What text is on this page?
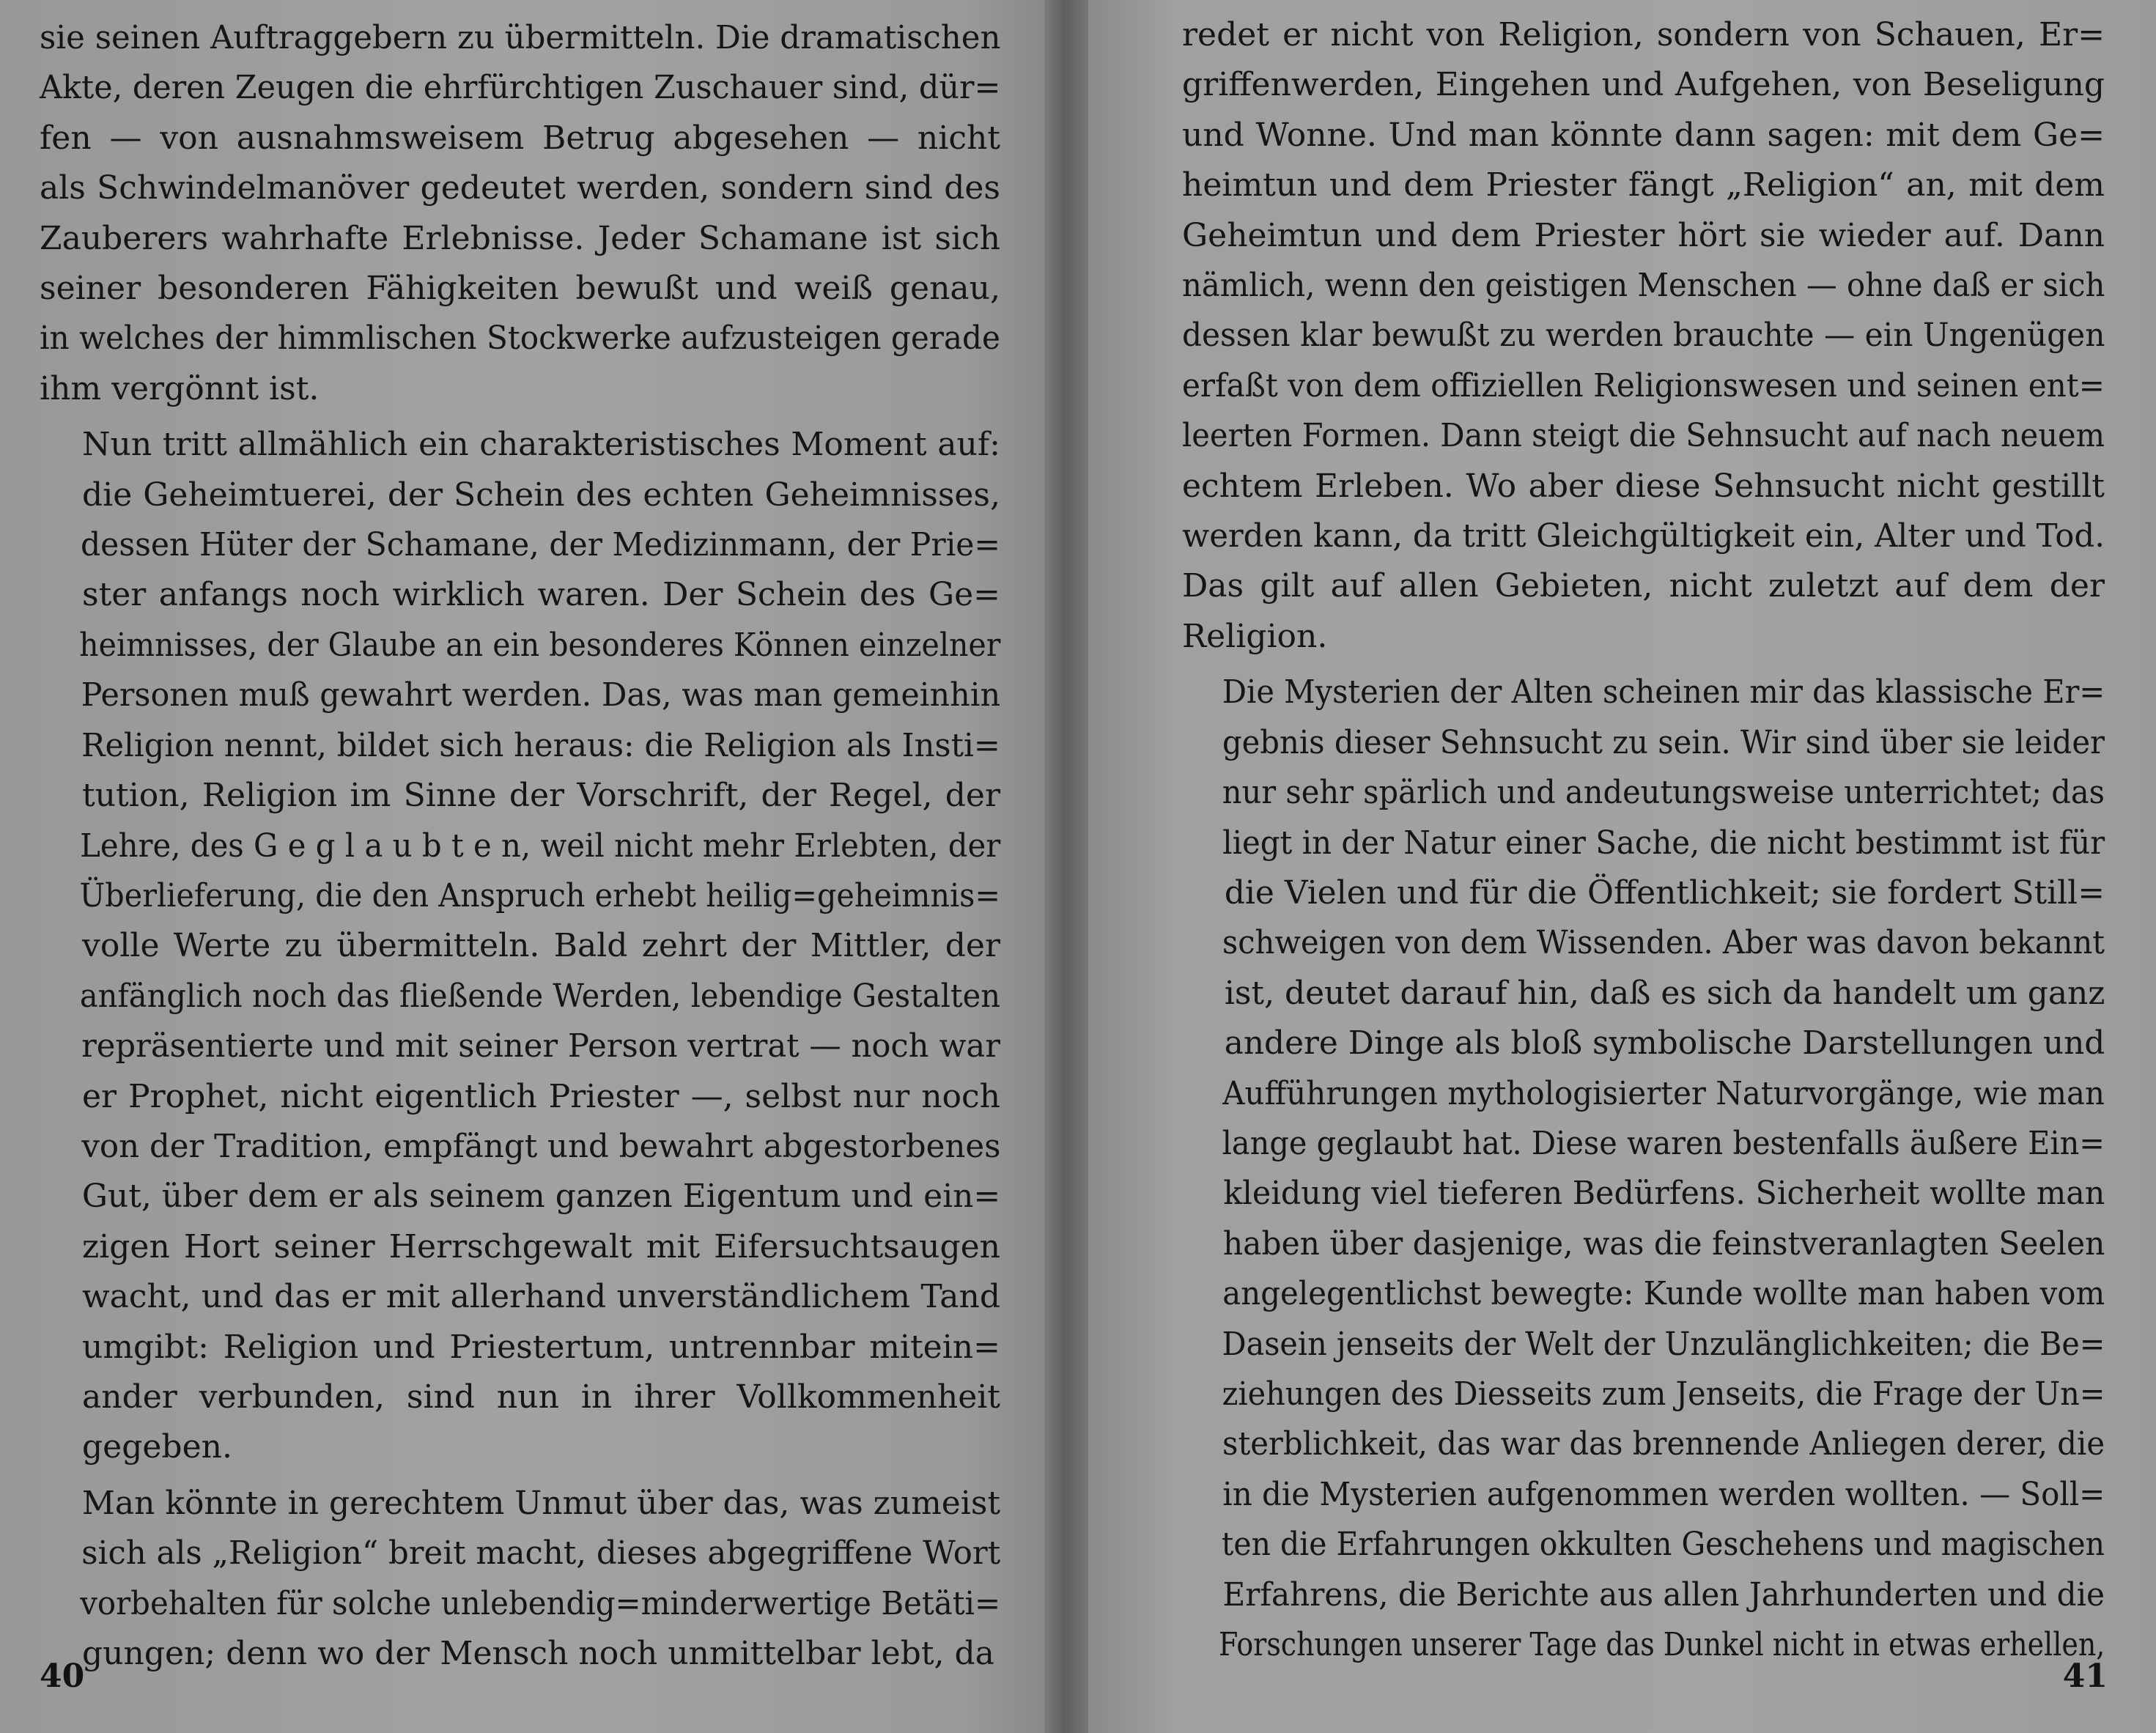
sie seinen Auftraggebern zu übermitteln. Die dramatischen
Akte, deren Zeugen die ehrfürchtigen Zuschauer sind, dür=
fen — von ausnahmsweisem Betrug abgesehen — nicht
als Schwindelmanöver gedeutet werden, sondern sind des
Zauberers wahrhafte Erlebnisse. Jeder Schamane ist sich
seiner besonderen Fähigkeiten bewußt und weiß genau,
in welches der himmlischen Stockwerke aufzusteigen gerade
ihm vergönnt ist.
Nun tritt allmählich ein charakteristisches Moment auf:
die Geheimtuerei, der Schein des echten Geheimnisses,
dessen Hüter der Schamane, der Medizinmann, der Prie=
ster anfangs noch wirklich waren. Der Schein des Ge=
heimnisses, der Glaube an ein besonderes Können einzelner
Personen muß gewahrt werden. Das, was man gemeinhin
Religion nennt, bildet sich heraus: die Religion als Insti=
tution, Religion im Sinne der Vorschrift, der Regel, der
Lehre, des G e g l a u b t e n, weil nicht mehr Erlebten, der
Überlieferung, die den Anspruch erhebt heilig=geheimnis=
volle Werte zu übermitteln. Bald zehrt der Mittler, der
anfänglich noch das fließende Werden, lebendige Gestalten
repräsentierte und mit seiner Person vertrat — noch war
er Prophet, nicht eigentlich Priester —, selbst nur noch
von der Tradition, empfängt und bewahrt abgestorbenes
Gut, über dem er als seinem ganzen Eigentum und ein=
zigen Hort seiner Herrschgewalt mit Eifersuchtsaugen
wacht, und das er mit allerhand unverständlichem Tand
umgibt: Religion und Priestertum, untrennbar mitein=
ander verbunden, sind nun in ihrer Vollkommenheit
gegeben.
Man könnte in gerechtem Unmut über das, was zumeist
sich als „Religion“ breit macht, dieses abgegriffene Wort
vorbehalten für solche unlebendig=minderwertige Betäti=
gungen; denn wo der Mensch noch unmittelbar lebt, da
40
redet er nicht von Religion, sondern von Schauen, Er=
griffenwerden, Eingehen und Aufgehen, von Beseligung
und Wonne. Und man könnte dann sagen: mit dem Ge=
heimtun und dem Priester fängt „Religion“ an, mit dem
Geheimtun und dem Priester hört sie wieder auf. Dann
nämlich, wenn den geistigen Menschen — ohne daß er sich
dessen klar bewußt zu werden brauchte — ein Ungenügen
erfaßt von dem offiziellen Religionswesen und seinen ent=
leerten Formen. Dann steigt die Sehnsucht auf nach neuem
echtem Erleben. Wo aber diese Sehnsucht nicht gestillt
werden kann, da tritt Gleichgültigkeit ein, Alter und Tod.
Das gilt auf allen Gebieten, nicht zuletzt auf dem der
Religion.
Die Mysterien der Alten scheinen mir das klassische Er=
gebnis dieser Sehnsucht zu sein. Wir sind über sie leider
nur sehr spärlich und andeutungsweise unterrichtet; das
liegt in der Natur einer Sache, die nicht bestimmt ist für
die Vielen und für die Öffentlichkeit; sie fordert Still=
schweigen von dem Wissenden. Aber was davon bekannt
ist, deutet darauf hin, daß es sich da handelt um ganz
andere Dinge als bloß symbolische Darstellungen und
Aufführungen mythologisierter Naturvorgänge, wie man
lange geglaubt hat. Diese waren bestenfalls äußere Ein=
kleidung viel tieferen Bedürfens. Sicherheit wollte man
haben über dasjenige, was die feinstveranlagten Seelen
angelegentlichst bewegte: Kunde wollte man haben vom
Dasein jenseits der Welt der Unzulänglichkeiten; die Be=
ziehungen des Diesseits zum Jenseits, die Frage der Un=
sterblichkeit, das war das brennende Anliegen derer, die
in die Mysterien aufgenommen werden wollten. — Soll=
ten die Erfahrungen okkulten Geschehens und magischen
Erfahrens, die Berichte aus allen Jahrhunderten und die
Forschungen unserer Tage das Dunkel nicht in etwas erhellen,
41
